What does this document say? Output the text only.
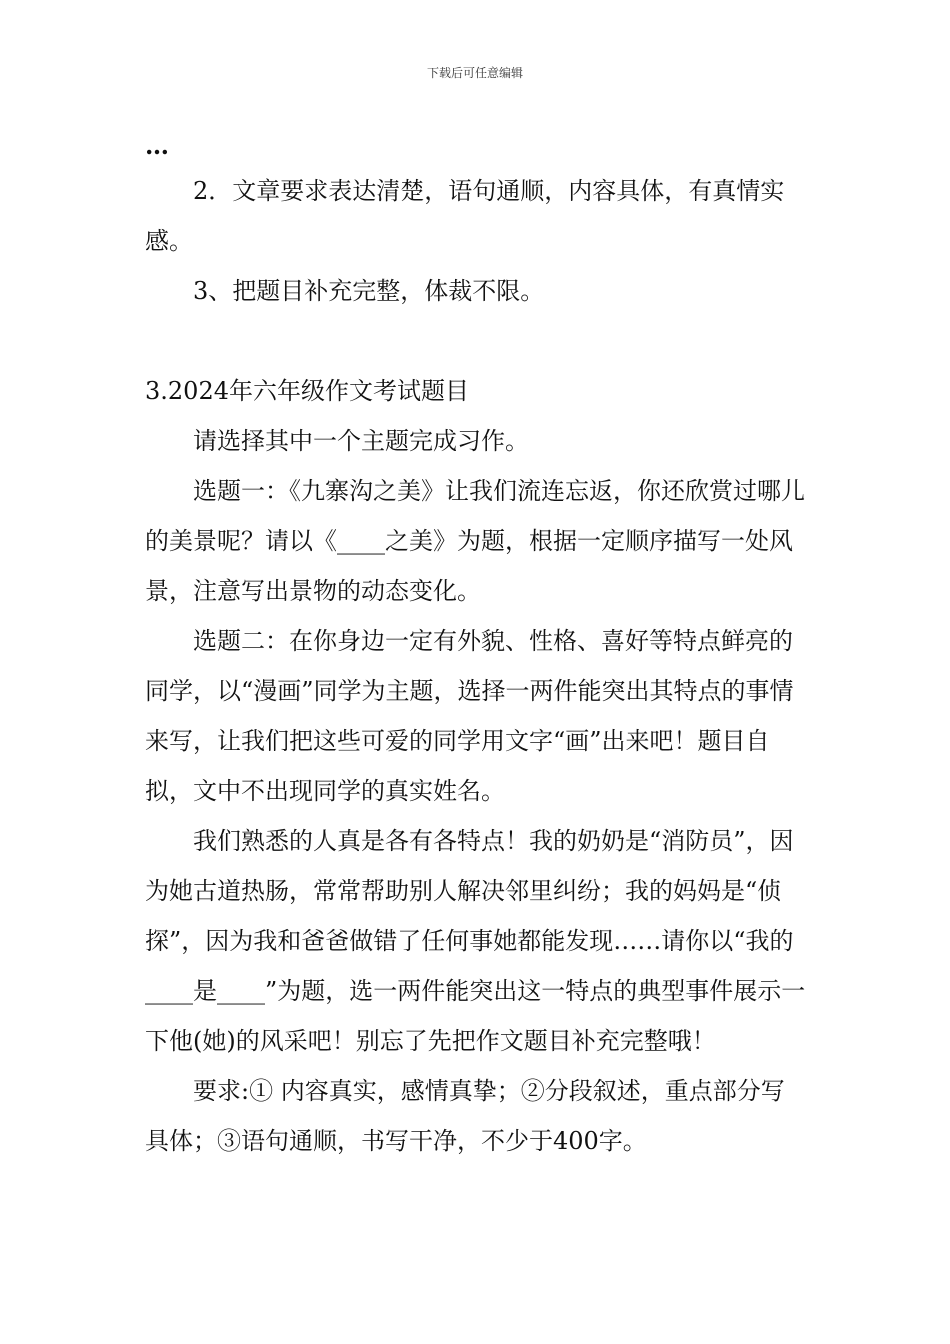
下载后可任意编辑

…

2．文章要求表达清楚，语句通顺，内容具体，有真情实感。

3、把题目补充完整，体裁不限。

3.2024年六年级作文考试题目

请选择其中一个主题完成习作。

选题一：《九寨沟之美》让我们流连忘返，你还欣赏过哪儿的美景呢？请以《____之美》为题，根据一定顺序描写一处风景，注意写出景物的动态变化。

选题二：在你身边一定有外貌、性格、喜好等特点鲜亮的同学，以“漫画”同学为主题，选择一两件能突出其特点的事情来写，让我们把这些可爱的同学用文字“画”出来吧！题目自拟，文中不出现同学的真实姓名。

我们熟悉的人真是各有各特点！我的奶奶是“消防员”，因为她古道热肠，常常帮助别人解决邻里纠纷；我的妈妈是“侦探”，因为我和爸爸做错了任何事她都能发现……请你以“我的____是____”为题，选一两件能突出这一特点的典型事件展示一下他(她)的风采吧！别忘了先把作文题目补充完整哦！

要求:① 内容真实，感情真挚；②分段叙述，重点部分写具体；③语句通顺，书写干净，不少于400字。
